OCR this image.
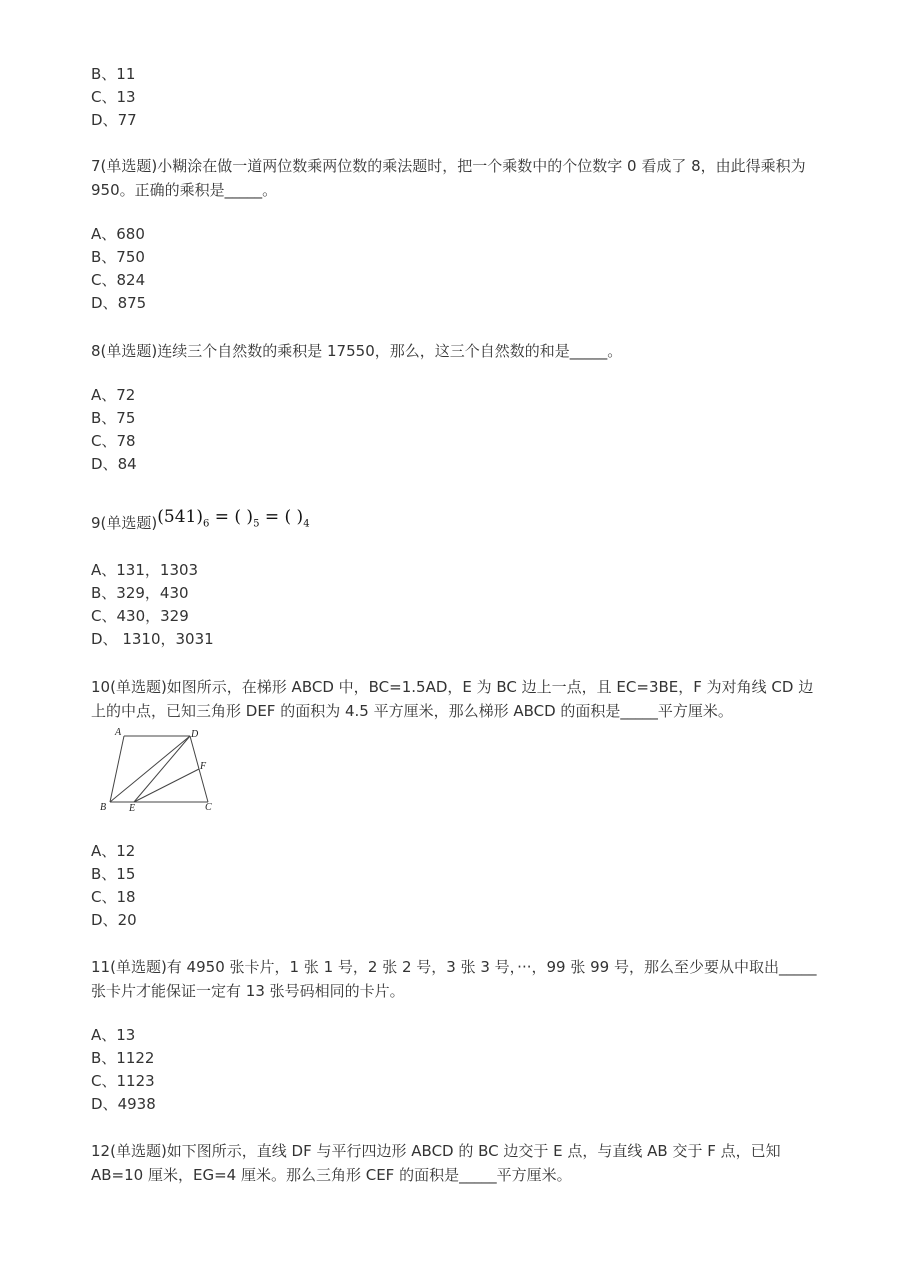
B、11
C、13
D、77
7(单选题)小糊涂在做一道两位数乘两位数的乘法题时，把一个乘数中的个位数字 0 看成了 8，由此得乘积为 950。正确的乘积是_____。
A、680
B、750
C、824
D、875
8(单选题)连续三个自然数的乘积是 17550，那么，这三个自然数的和是_____。
A、72
B、75
C、78
D、84
9(单选题)$(541)_6$ = ( )$_5$ = ( )$_4$
A、131，1303
B、329，430
C、430，329
D、 1310，3031
10(单选题)如图所示，在梯形 ABCD 中，BC=1.5AD，E 为 BC 边上一点，且 EC=3BE，F 为对角线 CD 边上的中点，已知三角形 DEF 的面积为 4.5 平方厘米，那么梯形 ABCD 的面积是_____平方厘米。
A	D
F
B E	C
A、12
B、15
C、18
D、20
11(单选题)有 4950 张卡片，1 张 1 号，2 张 2 号，3 张 3 号，···，99 张 99 号，那么至少要从中取出_____张卡片才能保证一定有 13 张号码相同的卡片。
A、13
B、1122
C、1123
D、4938
12(单选题)如下图所示，直线 DF 与平行四边形 ABCD 的 BC 边交于 E 点，与直线 AB 交于 F 点，已知 AB=10 厘米，EG=4 厘米。那么三角形 CEF 的面积是_____平方厘米。
